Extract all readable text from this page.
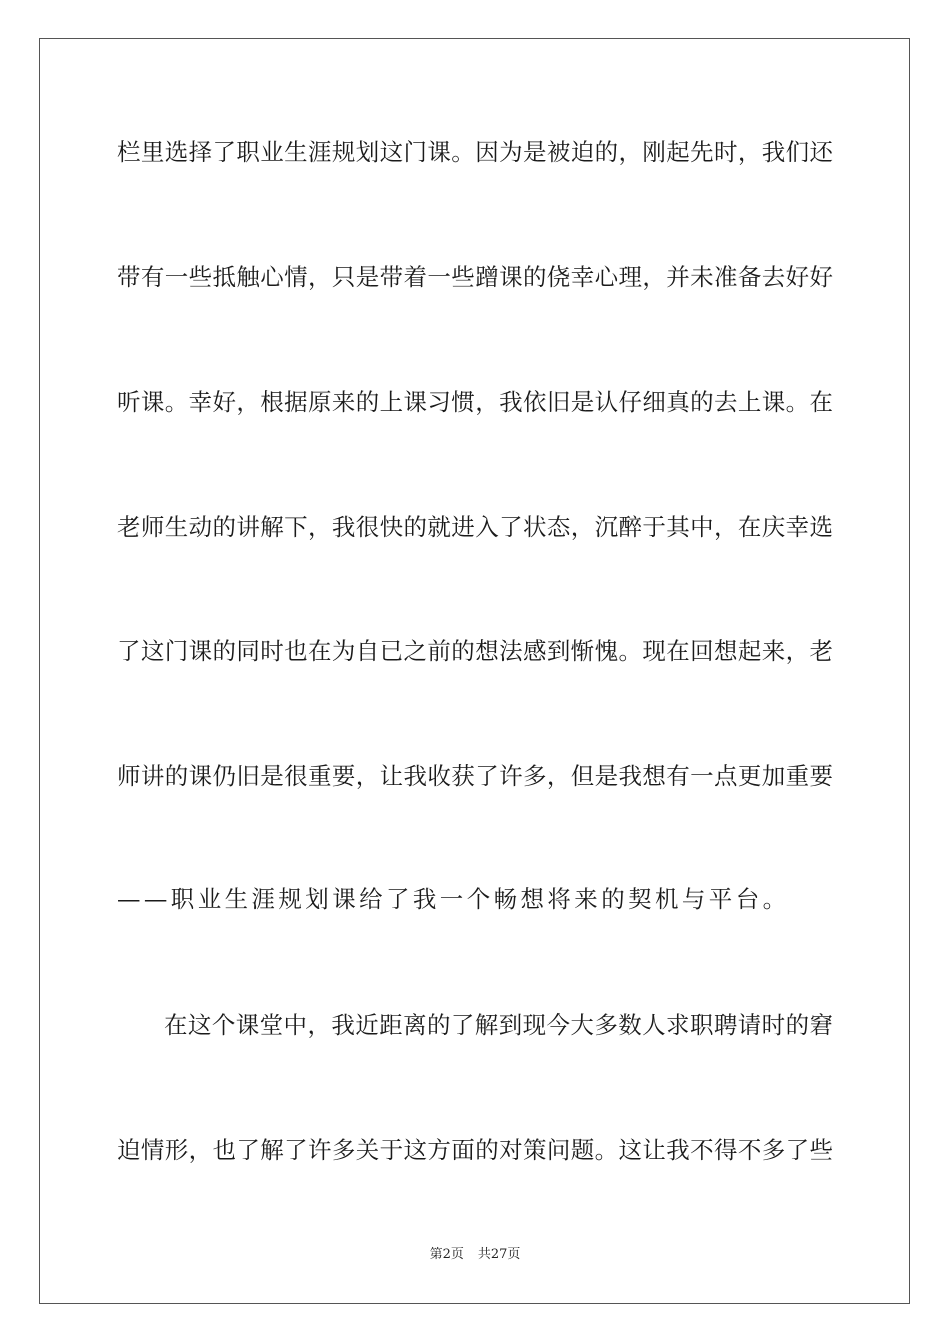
栏里选择了职业生涯规划这门课。因为是被迫的，刚起先时，我们还
带有一些抵触心情，只是带着一些蹭课的侥幸心理，并未准备去好好
听课。幸好，根据原来的上课习惯，我依旧是认仔细真的去上课。在
老师生动的讲解下，我很快的就进入了状态，沉醉于其中，在庆幸选
了这门课的同时也在为自已之前的想法感到惭愧。现在回想起来，老
师讲的课仍旧是很重要，让我收获了许多，但是我想有一点更加重要
——职业生涯规划课给了我一个畅想将来的契机与平台。
在这个课堂中，我近距离的了解到现今大多数人求职聘请时的窘
迫情形，也了解了许多关于这方面的对策问题。这让我不得不多了些
第2页 共27页
